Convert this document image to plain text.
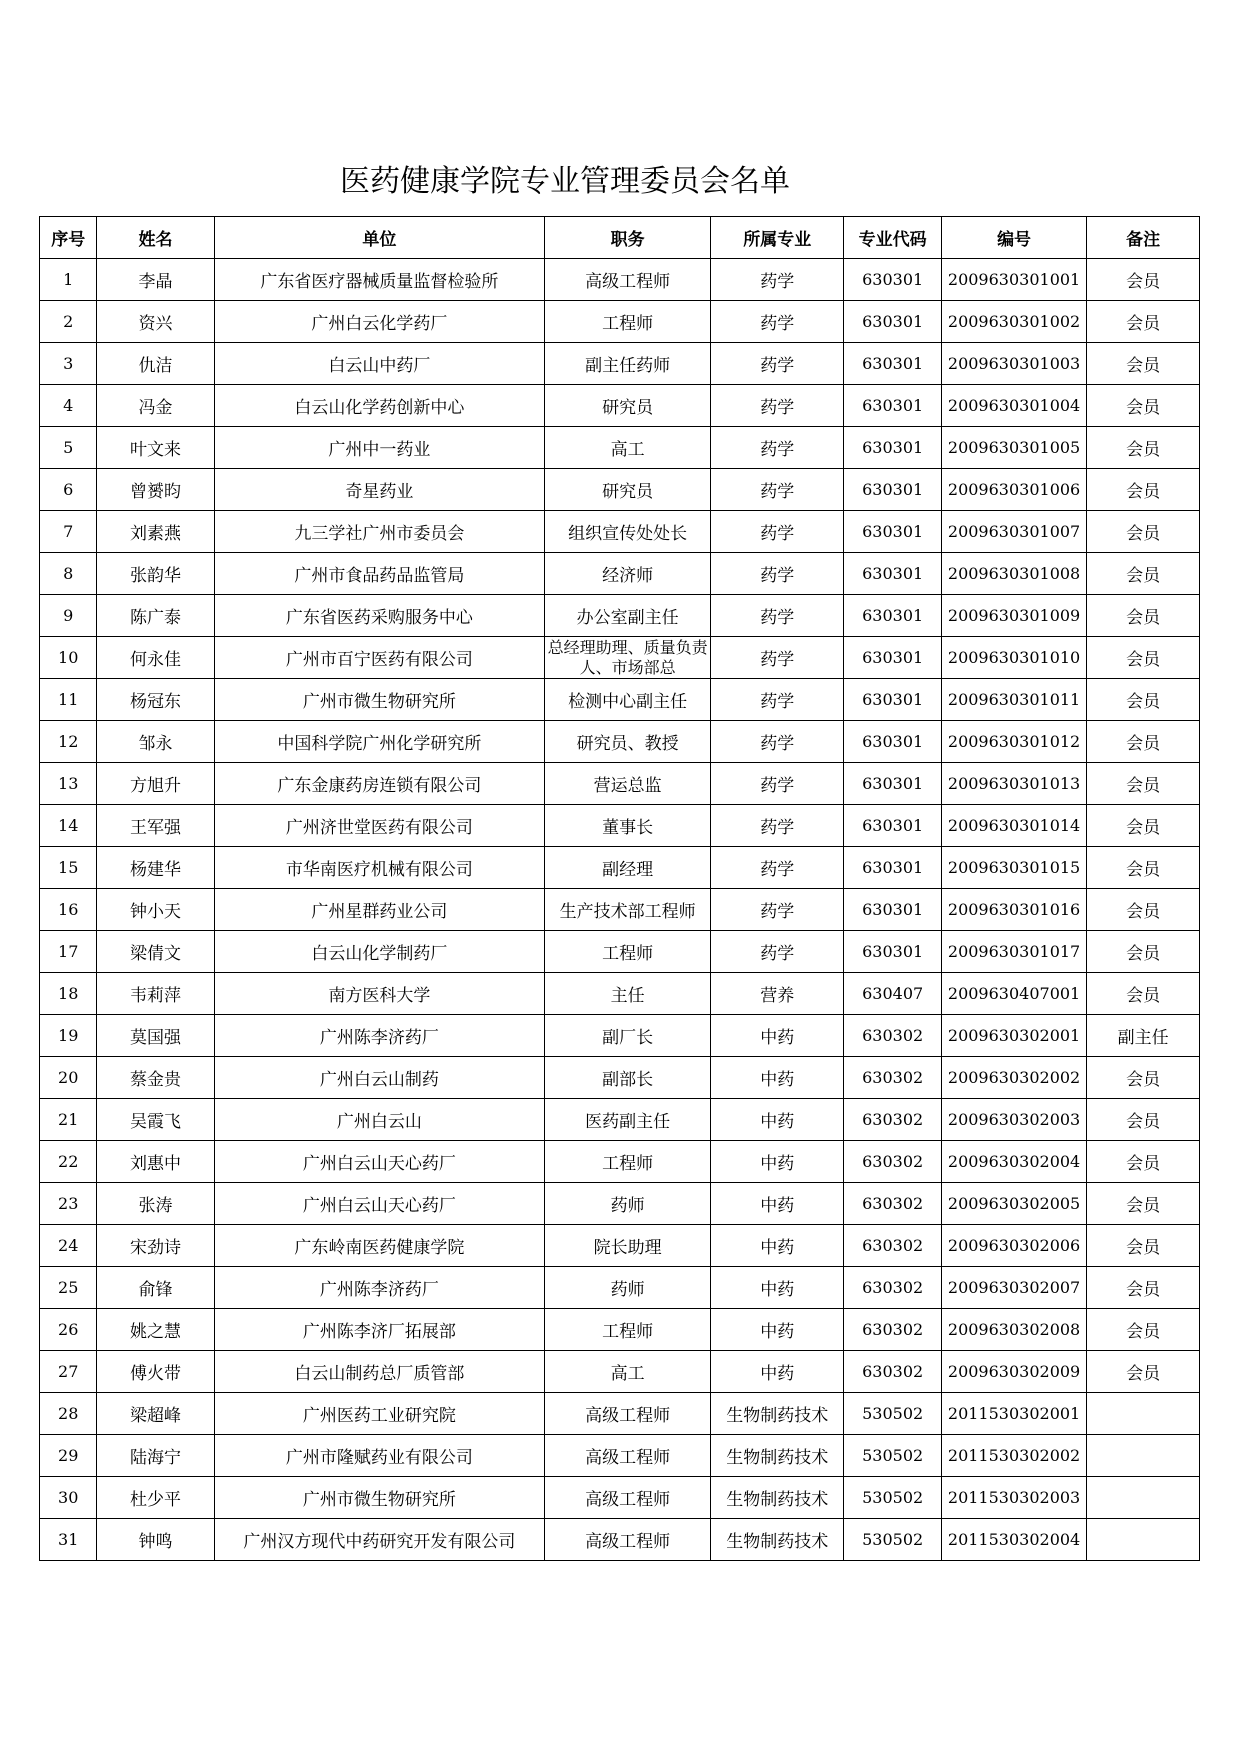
医药健康学院专业管理委员会名单
序号	姓名	单位	职务	所属专业	专业代码	编号	备注
1	李晶	广东省医疗器械质量监督检验所	高级工程师	药学	630301	2009630301001	会员
2	资兴	广州白云化学药厂	工程师	药学	630301	2009630301002	会员
3	仇洁	白云山中药厂	副主任药师	药学	630301	2009630301003	会员
4	冯金	白云山化学药创新中心	研究员	药学	630301	2009630301004	会员
5	叶文来	广州中一药业	高工	药学	630301	2009630301005	会员
6	曾赟昀	奇星药业	研究员	药学	630301	2009630301006	会员
7	刘素燕	九三学社广州市委员会	组织宣传处处长	药学	630301	2009630301007	会员
8	张韵华	广州市食品药品监管局	经济师	药学	630301	2009630301008	会员
9	陈广泰	广东省医药采购服务中心	办公室副主任	药学	630301	2009630301009	会员
10	何永佳	广州市百宁医药有限公司	总经理助理、质量负责人、市场部总	药学	630301	2009630301010	会员
11	杨冠东	广州市微生物研究所	检测中心副主任	药学	630301	2009630301011	会员
12	邹永	中国科学院广州化学研究所	研究员、教授	药学	630301	2009630301012	会员
13	方旭升	广东金康药房连锁有限公司	营运总监	药学	630301	2009630301013	会员
14	王军强	广州济世堂医药有限公司	董事长	药学	630301	2009630301014	会员
15	杨建华	市华南医疗机械有限公司	副经理	药学	630301	2009630301015	会员
16	钟小天	广州星群药业公司	生产技术部工程师	药学	630301	2009630301016	会员
17	梁倩文	白云山化学制药厂	工程师	药学	630301	2009630301017	会员
18	韦莉萍	南方医科大学	主任	营养	630407	2009630407001	会员
19	莫国强	广州陈李济药厂	副厂长	中药	630302	2009630302001	副主任
20	蔡金贵	广州白云山制药	副部长	中药	630302	2009630302002	会员
21	吴霞飞	广州白云山	医药副主任	中药	630302	2009630302003	会员
22	刘惠中	广州白云山天心药厂	工程师	中药	630302	2009630302004	会员
23	张涛	广州白云山天心药厂	药师	中药	630302	2009630302005	会员
24	宋劲诗	广东岭南医药健康学院	院长助理	中药	630302	2009630302006	会员
25	俞锋	广州陈李济药厂	药师	中药	630302	2009630302007	会员
26	姚之慧	广州陈李济厂拓展部	工程师	中药	630302	2009630302008	会员
27	傅火带	白云山制药总厂质管部	高工	中药	630302	2009630302009	会员
28	梁超峰	广州医药工业研究院	高级工程师	生物制药技术	530502	2011530302001	
29	陆海宁	广州市隆赋药业有限公司	高级工程师	生物制药技术	530502	2011530302002	
30	杜少平	广州市微生物研究所	高级工程师	生物制药技术	530502	2011530302003	
31	钟鸣	广州汉方现代中药研究开发有限公司	高级工程师	生物制药技术	530502	2011530302004	
